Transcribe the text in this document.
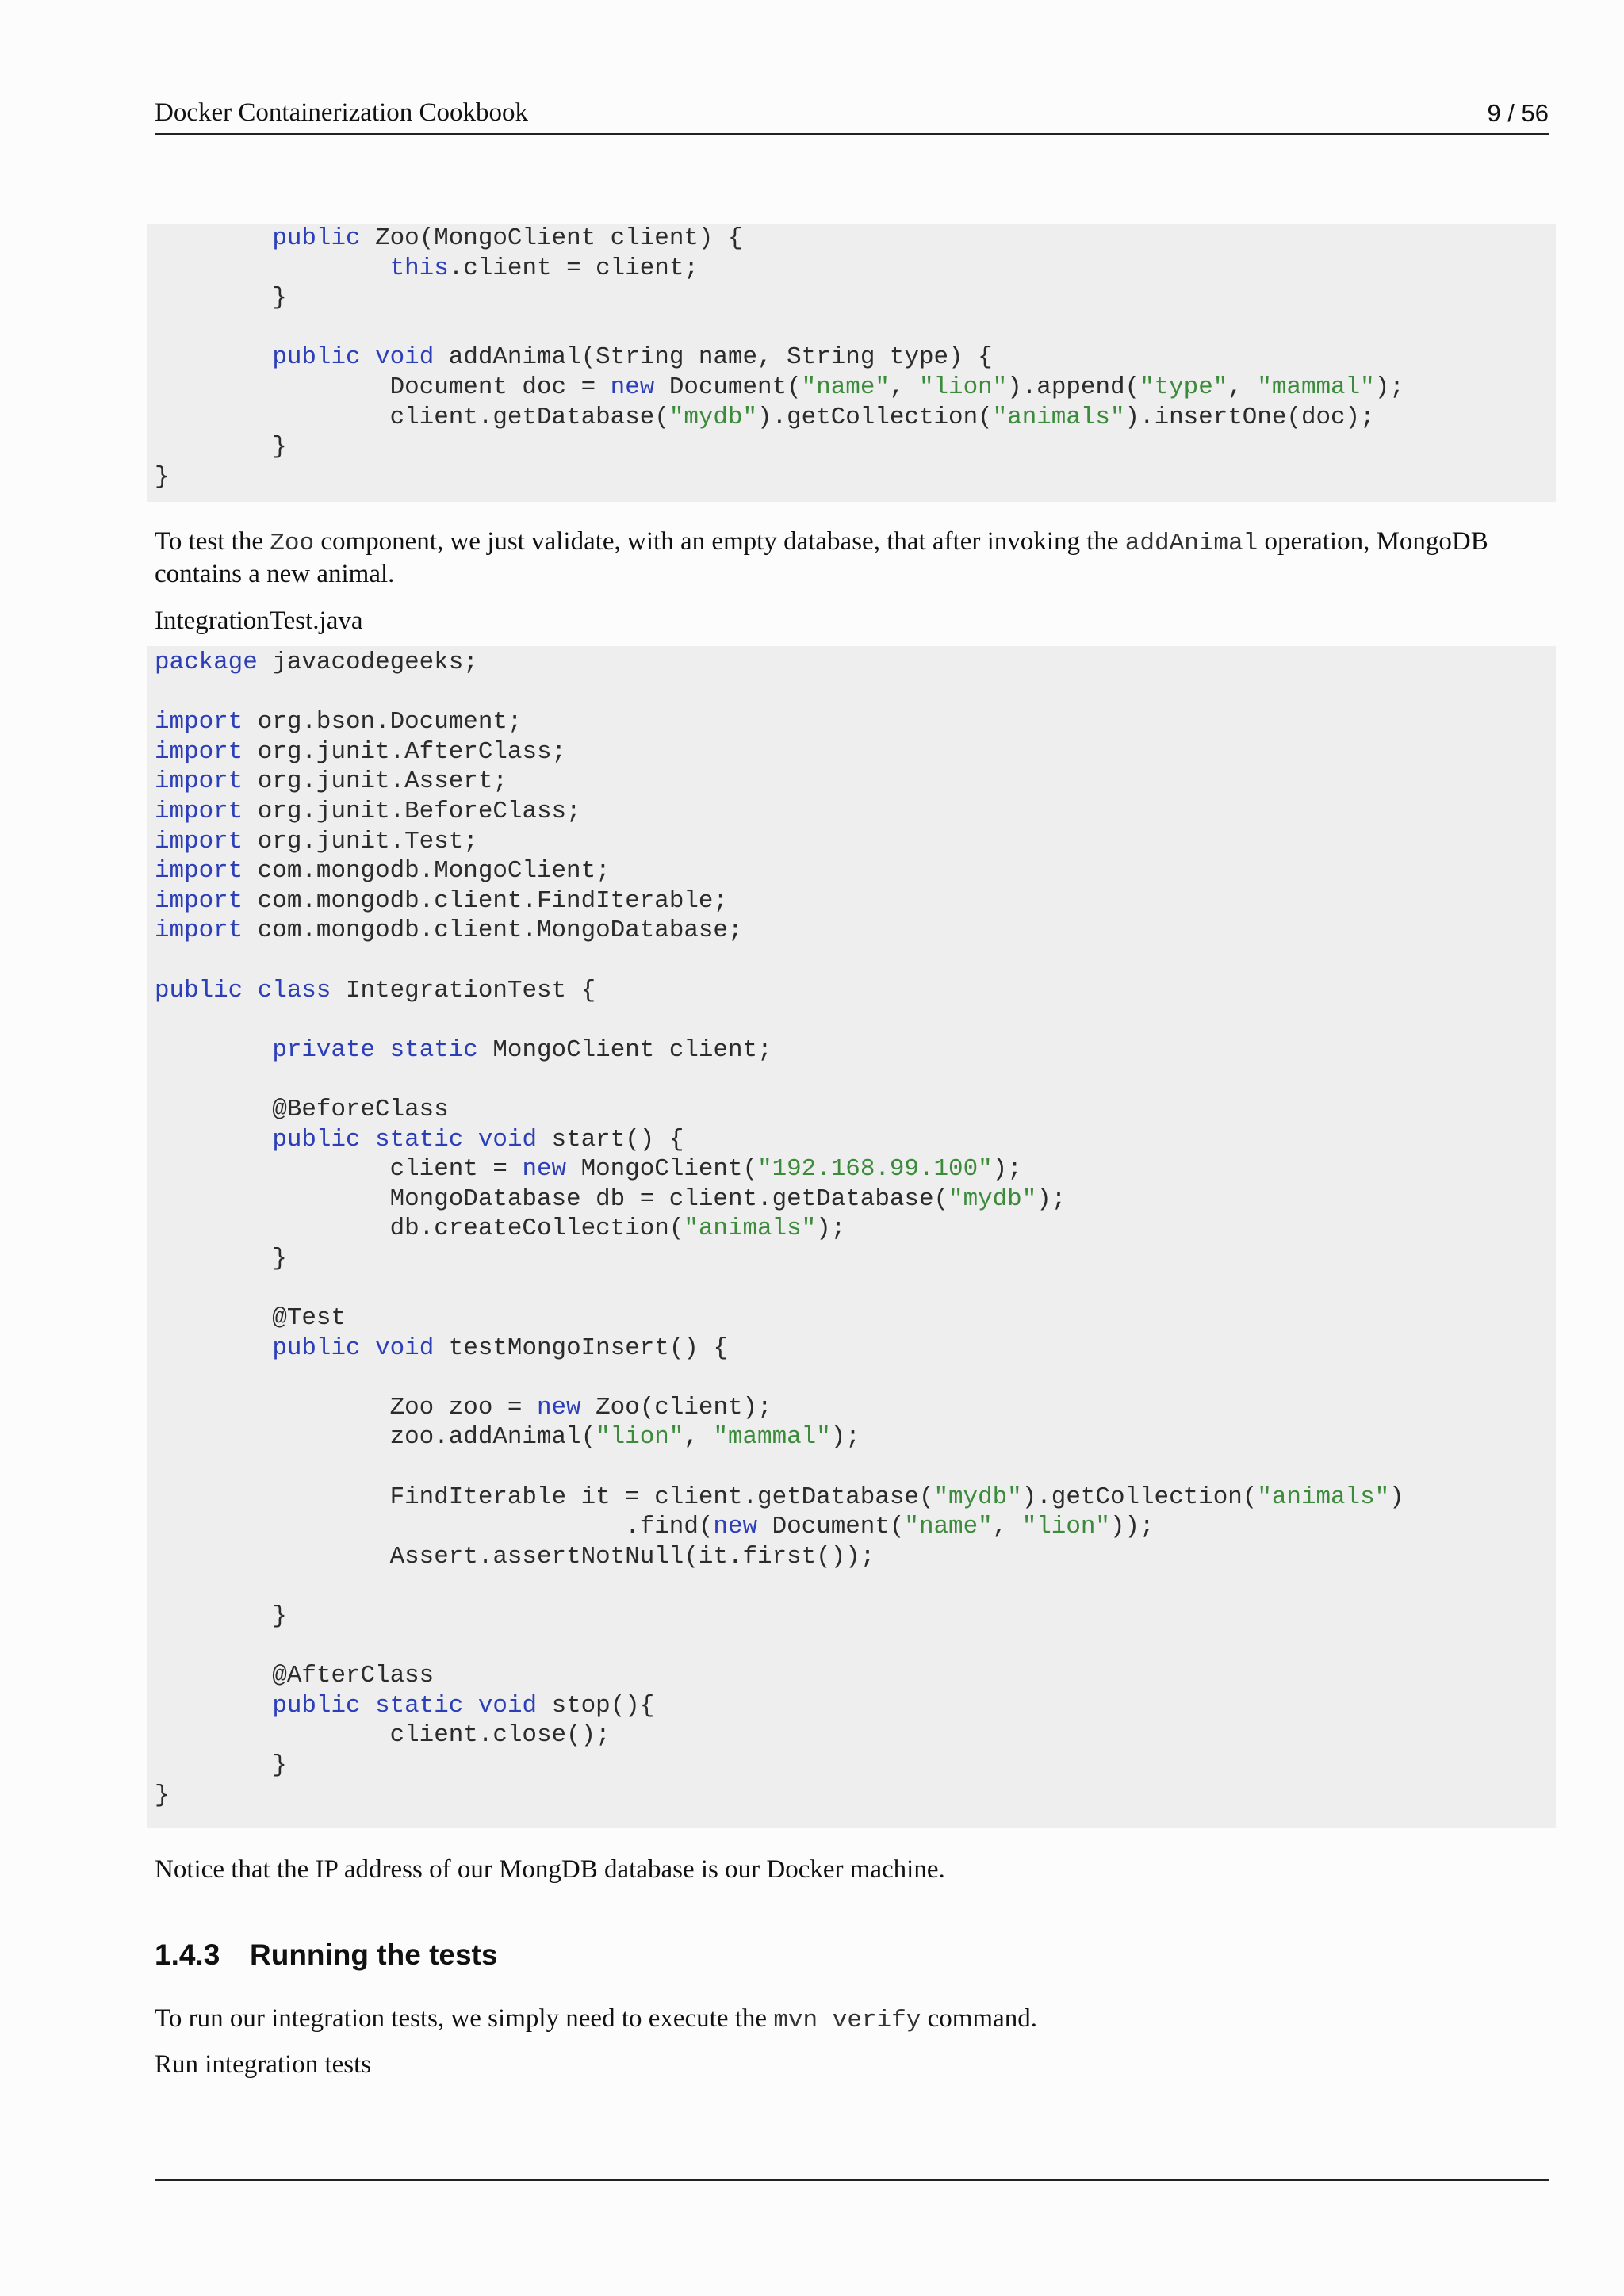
Docker Containerization Cookbook	9 / 56
public Zoo(MongoClient client) {
this.client = client;
}
public void addAnimal(String name, String type) {
Document doc = new Document("name", "lion").append("type", "mammal");
client.getDatabase("mydb").getCollection("animals").insertOne(doc);
}
}
To test the Zoo component, we just validate, with an empty database, that after invoking the addAnimal operation, MongoDB contains a new animal.
IntegrationTest.java
package javacodegeeks;
import org.bson.Document;
import org.junit.AfterClass;
import org.junit.Assert;
import org.junit.BeforeClass;
import org.junit.Test;
import com.mongodb.MongoClient;
import com.mongodb.client.FindIterable;
import com.mongodb.client.MongoDatabase;
public class IntegrationTest {
private static MongoClient client;
@BeforeClass
public static void start() {
client = new MongoClient("192.168.99.100");
MongoDatabase db = client.getDatabase("mydb");
db.createCollection("animals");
}
@Test
public void testMongoInsert() {
Zoo zoo = new Zoo(client);
zoo.addAnimal("lion", "mammal");
FindIterable it = client.getDatabase("mydb").getCollection("animals")
.find(new Document("name", "lion"));
Assert.assertNotNull(it.first());
}
@AfterClass
public static void stop(){
client.close();
}
}
Notice that the IP address of our MongDB database is our Docker machine.
1.4.3 Running the tests
To run our integration tests, we simply need to execute the mvn verify command.
Run integration tests
